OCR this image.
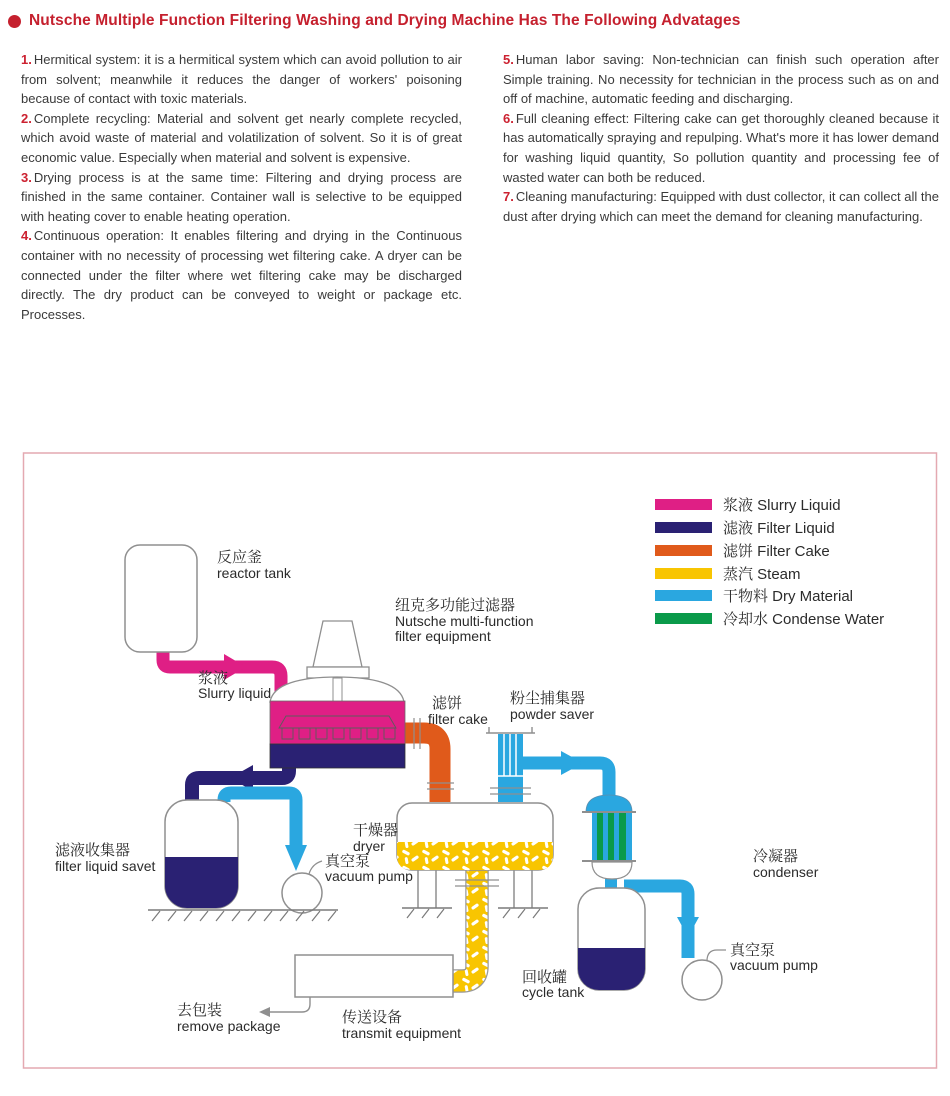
Nutsche Multiple Function Filtering Washing and Drying Machine Has The Following Advatages

1. Hermitical system: it is a hermitical system which can avoid pollution to air from solvent; meanwhile it reduces the danger of workers' poisoning because of contact with toxic materials.

2. Complete recycling: Material and solvent get nearly complete recycled, which avoid waste of material and volatilization of solvent. So it is of great economic value. Especially when material and solvent is expensive.

3. Drying process is at the same time: Filtering and drying process are finished in the same container. Container wall is selective to be equipped with heating cover to enable heating operation.

4. Continuous operation: It enables filtering and drying in the Continuous container with no necessity of processing wet filtering cake. A dryer can be connected under the filter where wet filtering cake may be discharged directly. The dry product can be conveyed to weight or package etc. Processes.

5. Human labor saving: Non-technician can finish such operation after Simple training. No necessity for technician in the process such as on and off of machine, automatic feeding and discharging.

6. Full cleaning effect: Filtering cake can get thoroughly cleaned because it has automatically spraying and repulping. What's more it has lower demand for washing liquid quantity, So pollution quantity and processing fee of wasted water can both be reduced.

7. Cleaning manufacturing: Equipped with dust collector, it can collect all the dust after drying which can meet the demand for cleaning manufacturing.

浆液 Slurry Liquid
滤液 Filter Liquid
滤饼 Filter Cake
蒸汽 Steam
干物料 Dry Material
冷却水 Condense Water
反应釜
reactor tank
浆液
Slurry liquid
纽克多功能过滤器
Nutsche multi-function
filter equipment
滤饼
filter cake
粉尘捕集器
powder saver
滤液收集器
filter liquid savet	真空泵
vacuum pump
干燥器
dryer
冷凝器
condenser
回收罐
cycle tank
真空泵
vacuum pump
去包装
remove package	传送设备
transmit equipment
